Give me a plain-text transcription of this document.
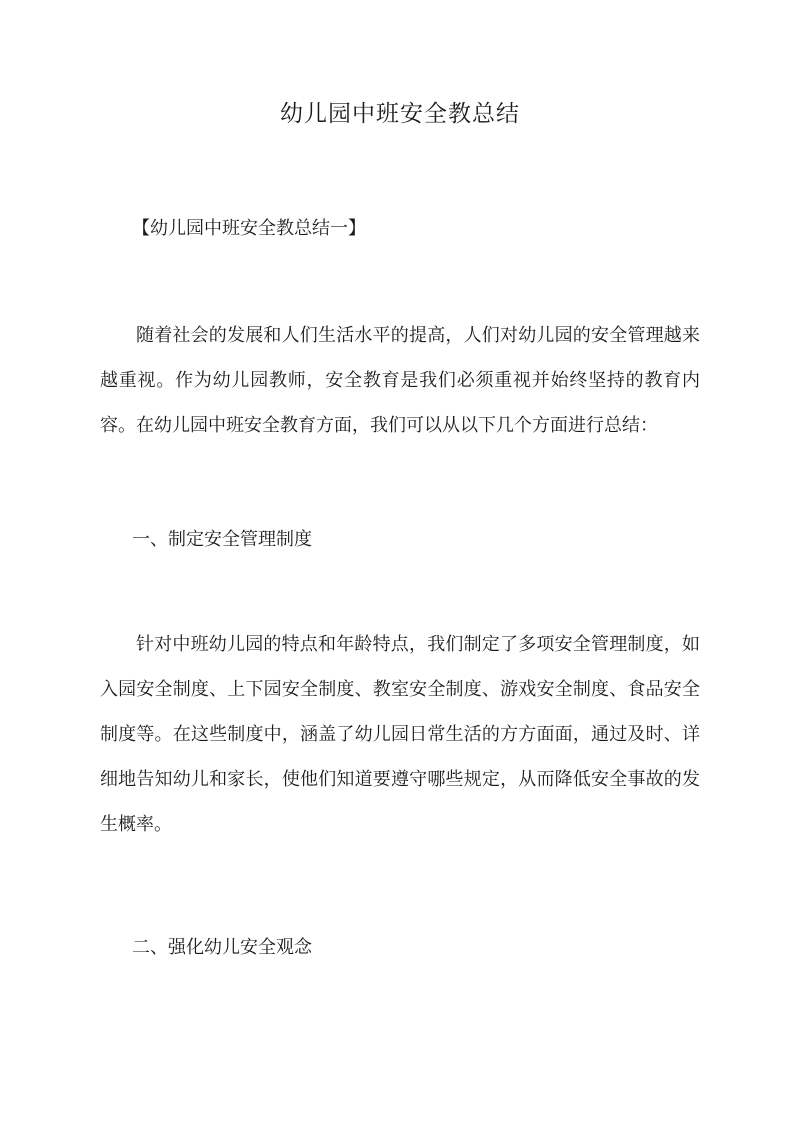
幼儿园中班安全教总结

【幼儿园中班安全教总结一】

随着社会的发展和人们生活水平的提高，人们对幼儿园的安全管理越来越重视。作为幼儿园教师，安全教育是我们必须重视并始终坚持的教育内容。在幼儿园中班安全教育方面，我们可以从以下几个方面进行总结：

一、制定安全管理制度

针对中班幼儿园的特点和年龄特点，我们制定了多项安全管理制度，如入园安全制度、上下园安全制度、教室安全制度、游戏安全制度、食品安全制度等。在这些制度中，涵盖了幼儿园日常生活的方方面面，通过及时、详细地告知幼儿和家长，使他们知道要遵守哪些规定，从而降低安全事故的发生概率。

二、强化幼儿安全观念
